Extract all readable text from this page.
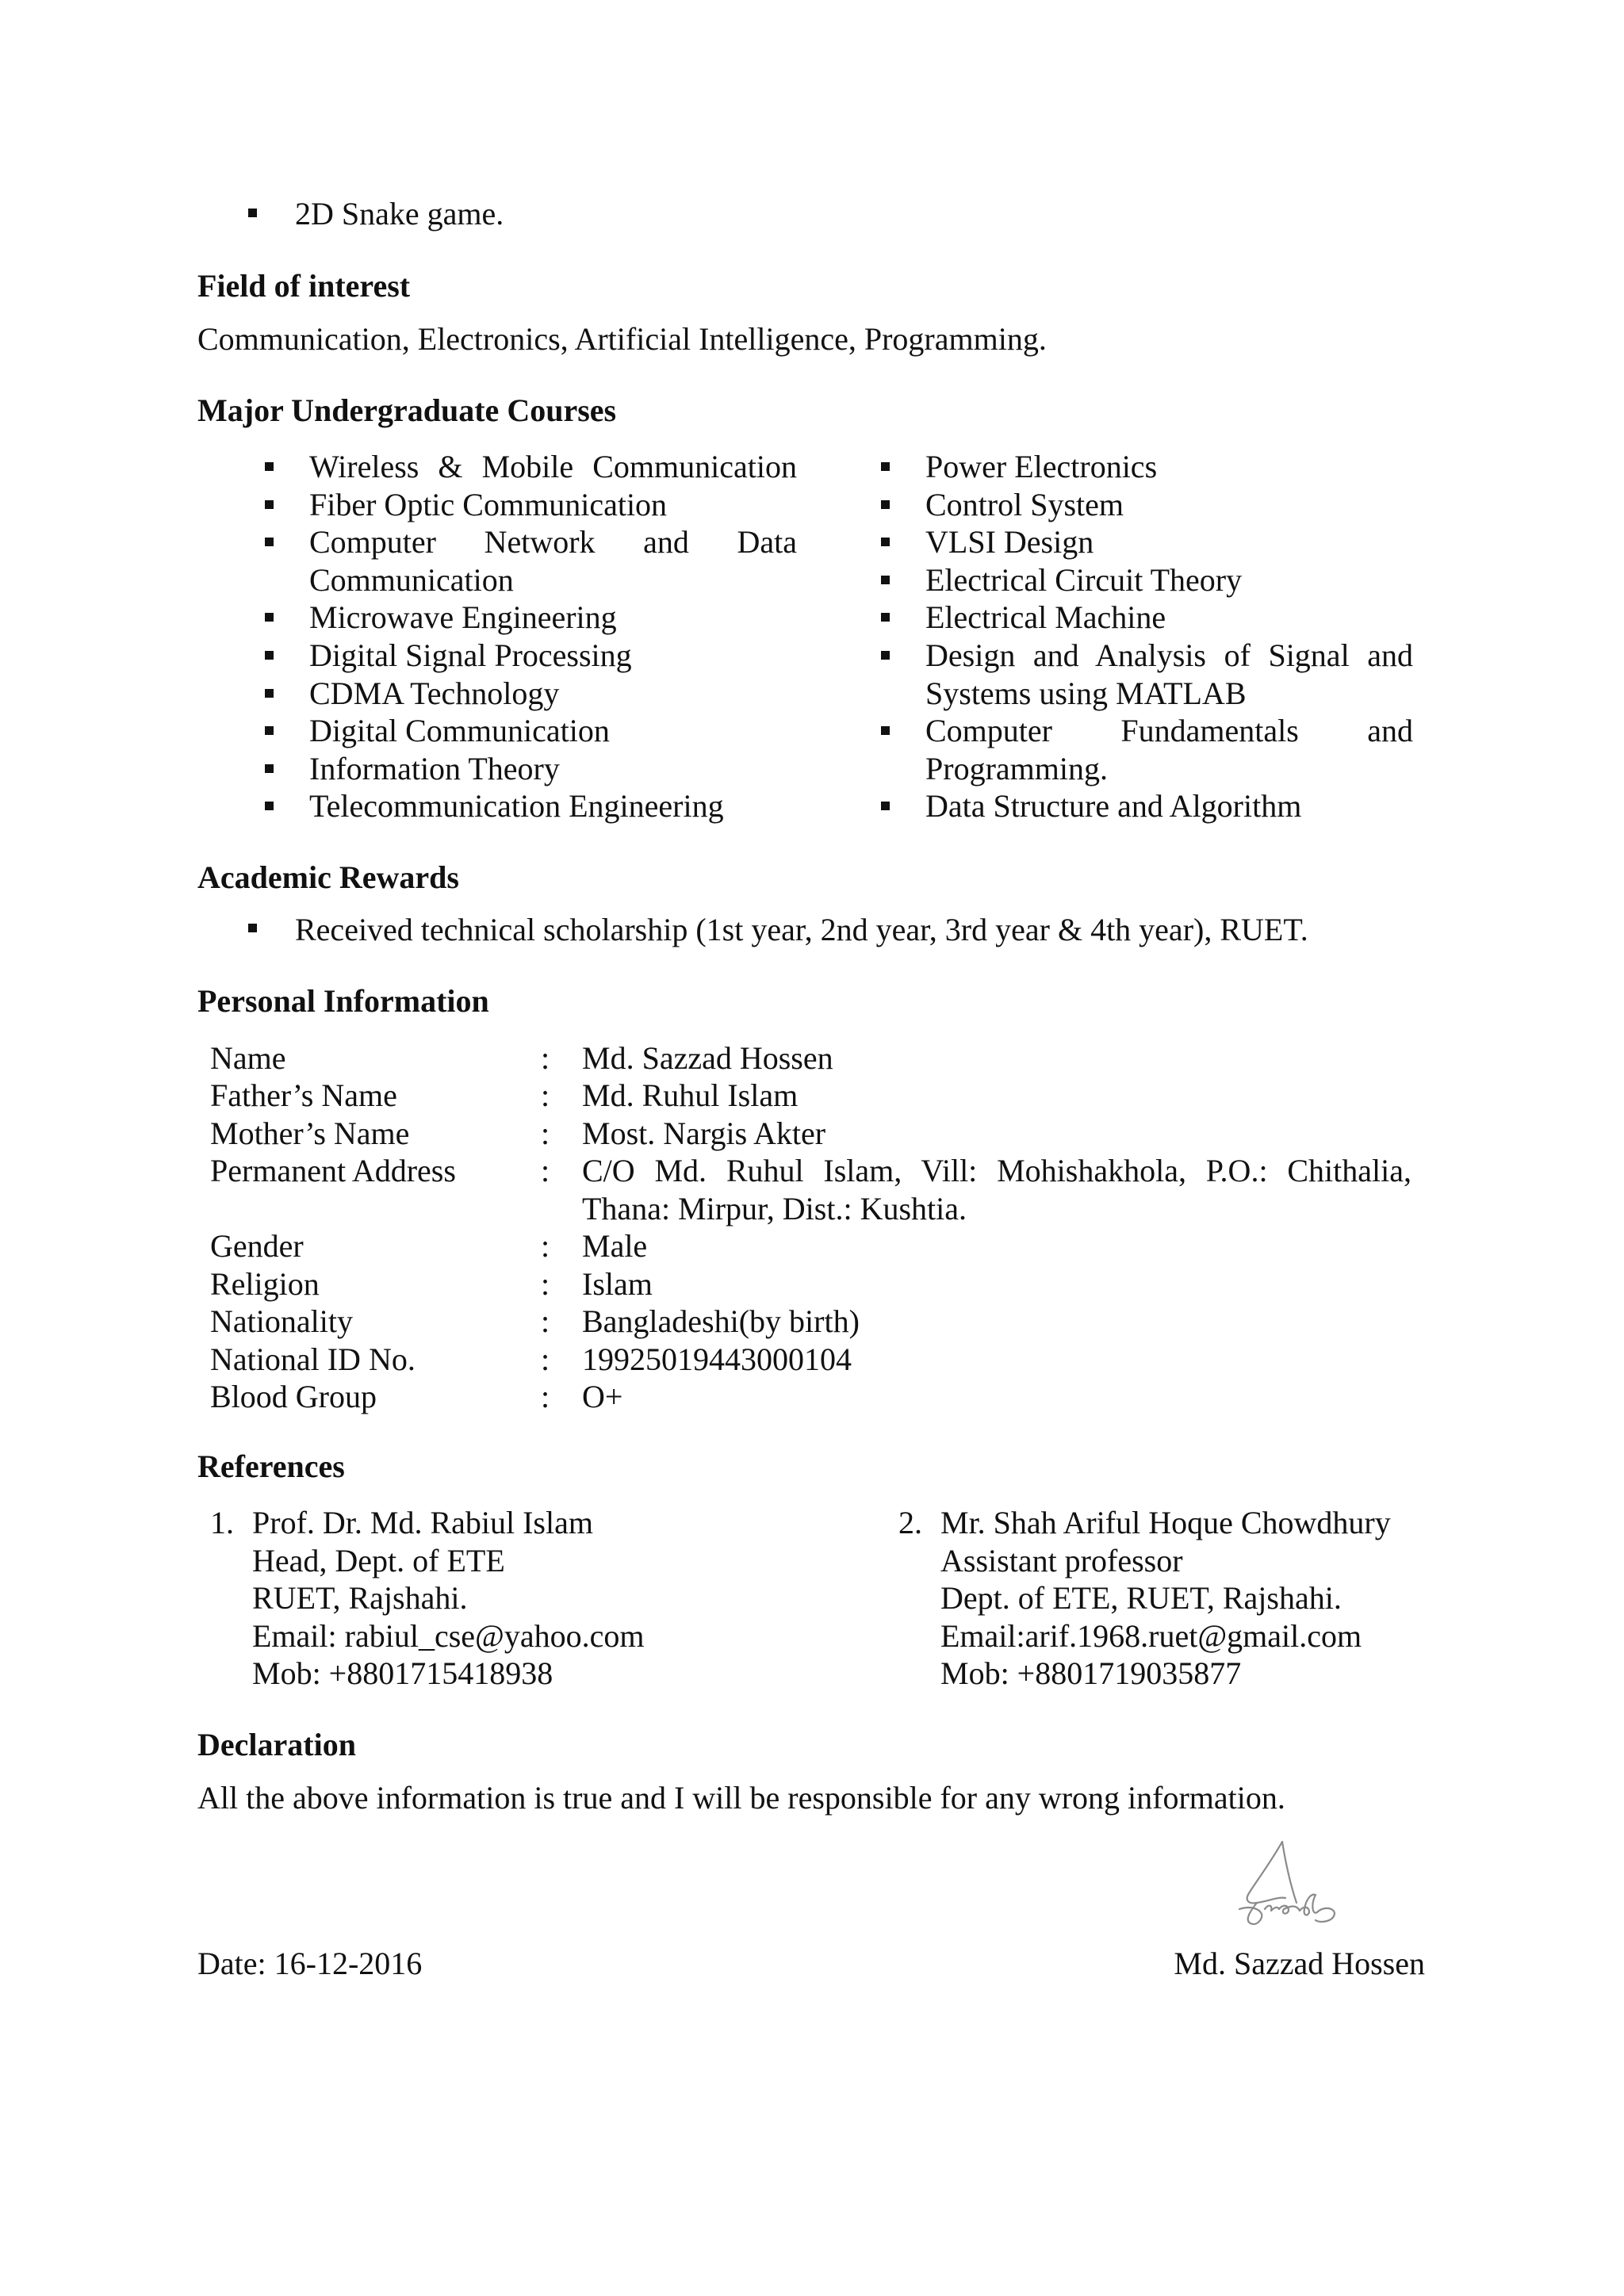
2D Snake game.
Field of interest
Communication, Electronics, Artificial Intelligence, Programming.
Major Undergraduate Courses
Wireless & Mobile Communication
Fiber Optic Communication
Computer Network and Data Communication
Microwave Engineering
Digital Signal Processing
CDMA Technology
Digital Communication
Information Theory
Telecommunication Engineering
Power Electronics
Control System
VLSI Design
Electrical Circuit Theory
Electrical Machine
Design and Analysis of Signal and Systems using MATLAB
Computer Fundamentals and Programming.
Data Structure and Algorithm
Academic Rewards
Received technical scholarship (1st year, 2nd year, 3rd year & 4th year), RUET.
Personal Information
Name	: Md. Sazzad Hossen
Father’s Name	: Md. Ruhul Islam
Mother’s Name	: Most. Nargis Akter
Permanent Address	: C/O Md. Ruhul Islam, Vill: Mohishakhola, P.O.: Chithalia,
Thana: Mirpur, Dist.: Kushtia.
Gender	: Male
Religion	: Islam
Nationality	: Bangladeshi(by birth)
National ID No.	: 19925019443000104
Blood Group	: O+
References
1. Prof. Dr. Md. Rabiul Islam
Head, Dept. of ETE
RUET, Rajshahi.
Email: rabiul_cse@yahoo.com
Mob: +8801715418938
2. Mr. Shah Ariful Hoque Chowdhury
Assistant professor
Dept. of ETE, RUET, Rajshahi.
Email:arif.1968.ruet@gmail.com
Mob: +8801719035877
Declaration
All the above information is true and I will be responsible for any wrong information.
Date: 16-12-2016	Md. Sazzad Hossen
